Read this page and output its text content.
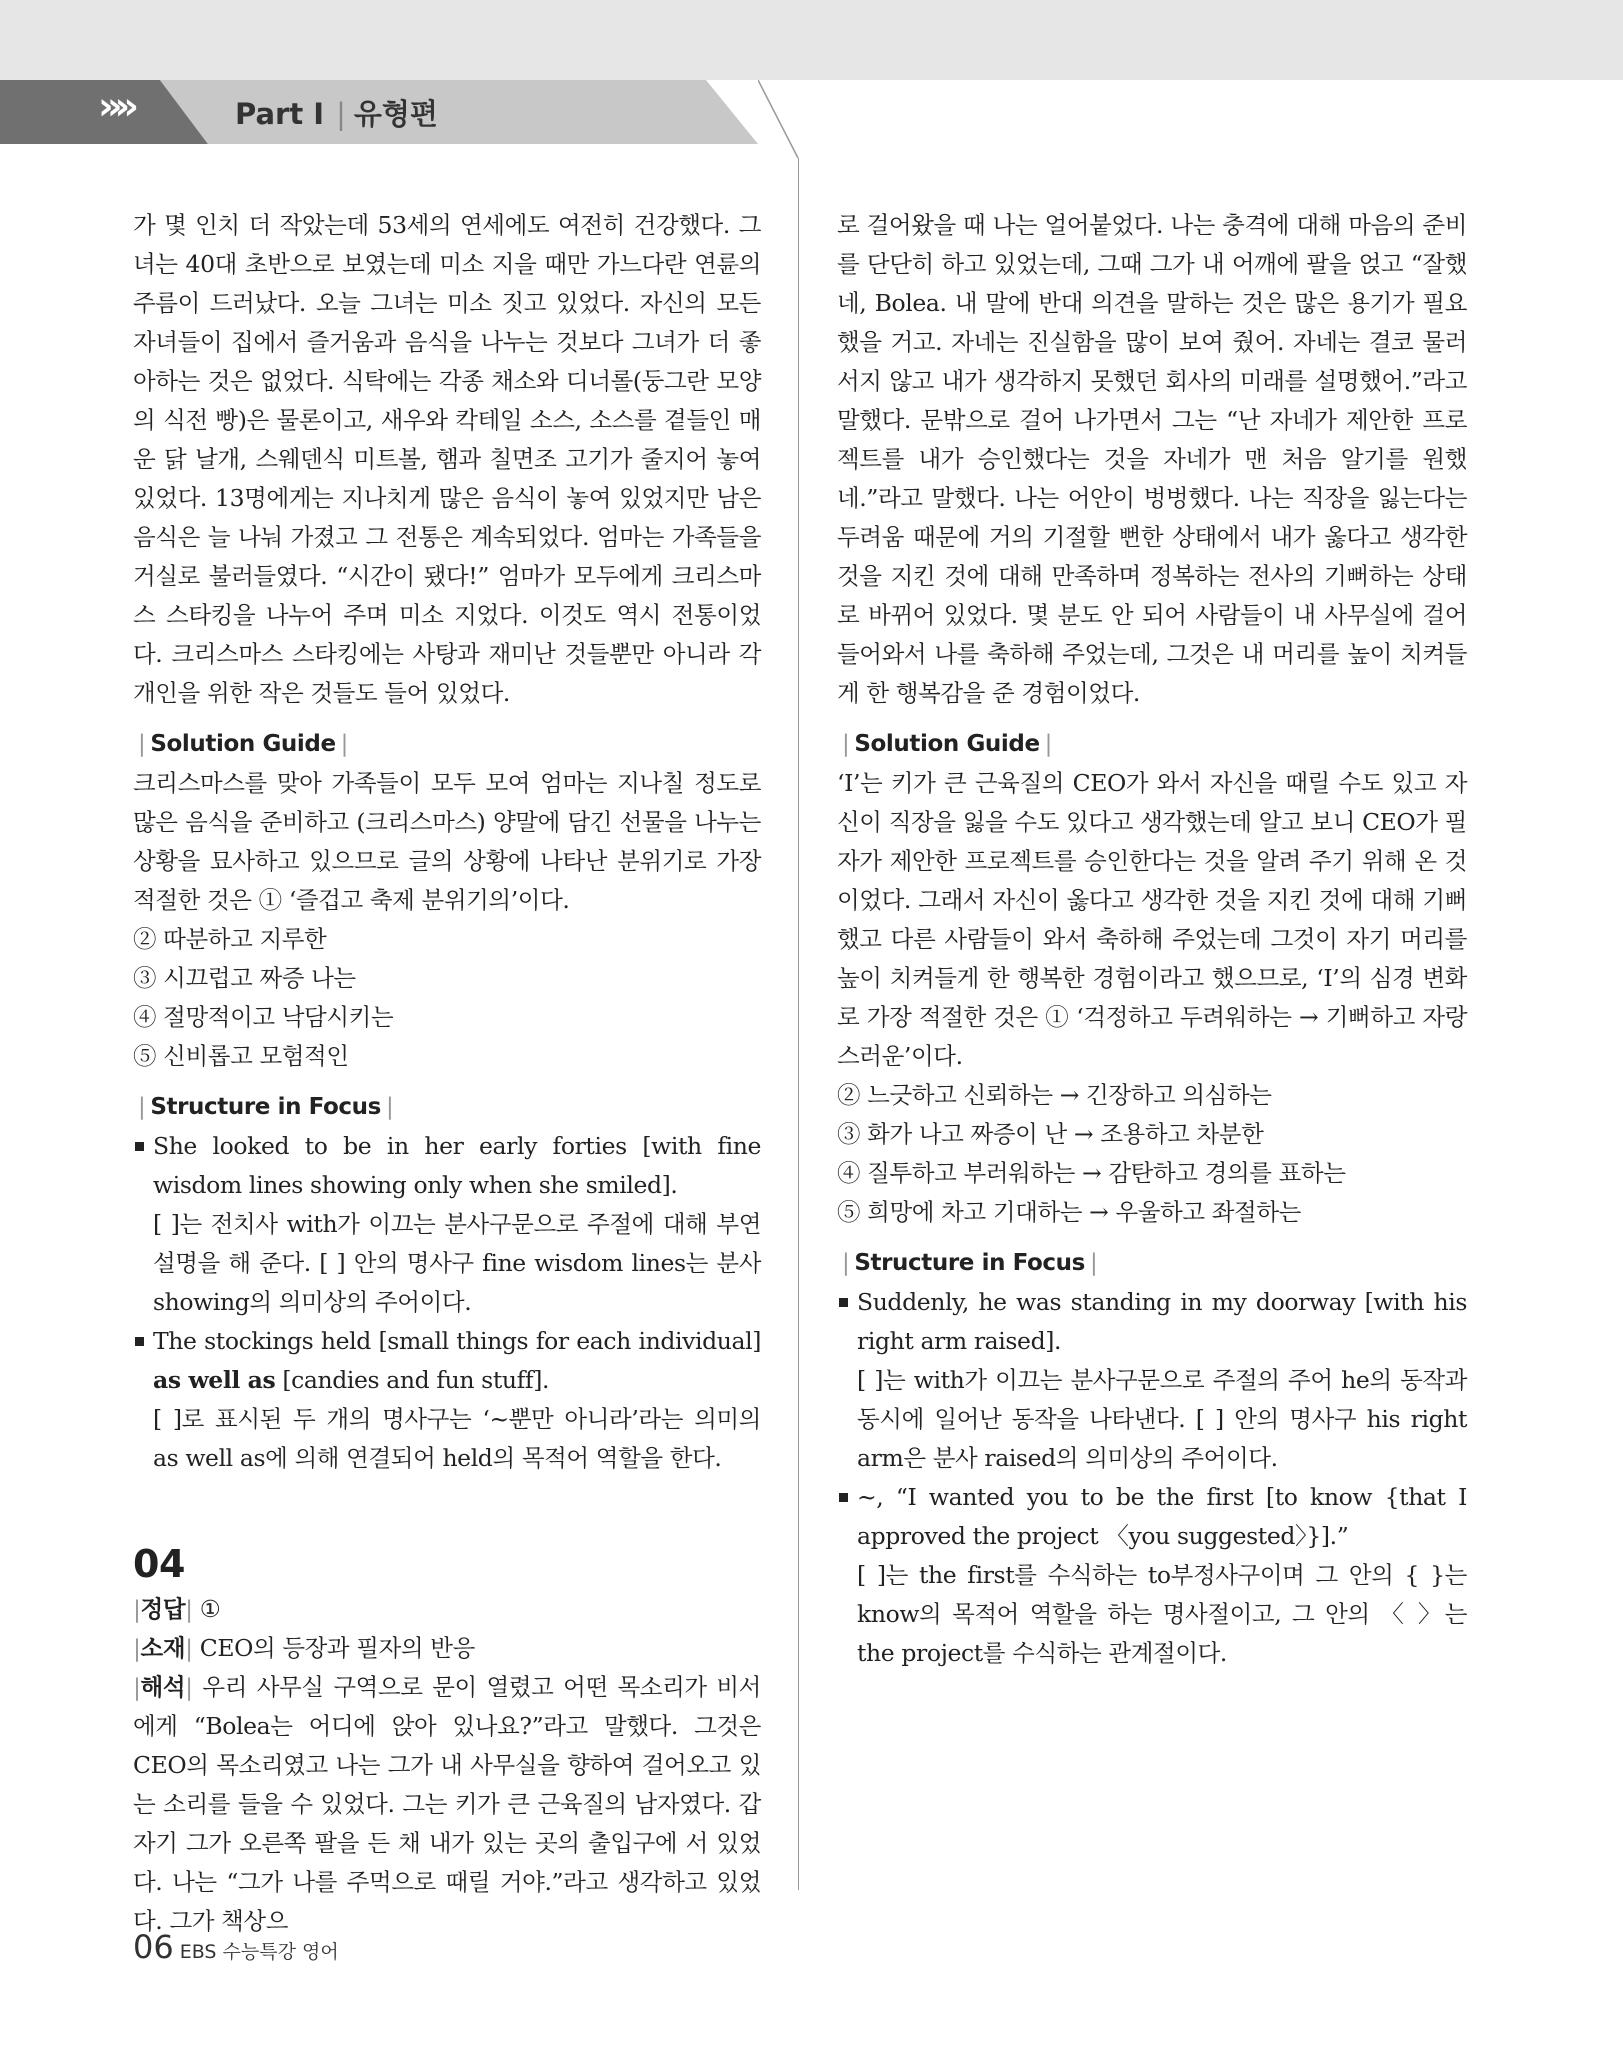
»»	Part Ⅰ | 유형편

가 몇 인치 더 작았는데 53세의 연세에도 여전히 건강했다. 그녀는 40대 초반으로 보였는데 미소 지을 때만 가느다란 연륜의 주름이 드러났다. 오늘 그녀는 미소 짓고 있었다. 자신의 모든 자녀들이 집에서 즐거움과 음식을 나누는 것보다 그녀가 더 좋아하는 것은 없었다. 식탁에는 각종 채소와 디너롤(둥그란 모양의 식전 빵)은 물론이고, 새우와 칵테일 소스, 소스를 곁들인 매운 닭 날개, 스웨덴식 미트볼, 햄과 칠면조 고기가 줄지어 놓여 있었다. 13명에게는 지나치게 많은 음식이 놓여 있었지만 남은 음식은 늘 나눠 가졌고 그 전통은 계속되었다. 엄마는 가족들을 거실로 불러들였다. “시간이 됐다!” 엄마가 모두에게 크리스마스 스타킹을 나누어 주며 미소 지었다. 이것도 역시 전통이었다. 크리스마스 스타킹에는 사탕과 재미난 것들뿐만 아니라 각 개인을 위한 작은 것들도 들어 있었다.

| Solution Guide |

크리스마스를 맞아 가족들이 모두 모여 엄마는 지나칠 정도로 많은 음식을 준비하고 (크리스마스) 양말에 담긴 선물을 나누는 상황을 묘사하고 있으므로 글의 상황에 나타난 분위기로 가장 적절한 것은 ① ‘즐겁고 축제 분위기의’이다.

② 따분하고 지루한

③ 시끄럽고 짜증 나는

④ 절망적이고 낙담시키는

⑤ 신비롭고 모험적인

| Structure in Focus |

She looked to be in her early forties [with fine wisdom lines showing only when she smiled].

[ ]는 전치사 with가 이끄는 분사구문으로 주절에 대해 부연 설명을 해 준다. [ ] 안의 명사구 fine wisdom lines는 분사 showing의 의미상의 주어이다.

The stockings held [small things for each individual] as well as [candies and fun stuff].

[ ]로 표시된 두 개의 명사구는 ‘~뿐만 아니라’라는 의미의 as well as에 의해 연결되어 held의 목적어 역할을 한다.

04

|정답| ①

|소재| CEO의 등장과 필자의 반응

|해석| 우리 사무실 구역으로 문이 열렸고 어떤 목소리가 비서에게 “Bolea는 어디에 앉아 있나요?”라고 말했다. 그것은 CEO의 목소리였고 나는 그가 내 사무실을 향하여 걸어오고 있는 소리를 들을 수 있었다. 그는 키가 큰 근육질의 남자였다. 갑자기 그가 오른쪽 팔을 든 채 내가 있는 곳의 출입구에 서 있었다. 나는 “그가 나를 주먹으로 때릴 거야.”라고 생각하고 있었다. 그가 책상으

로 걸어왔을 때 나는 얼어붙었다. 나는 충격에 대해 마음의 준비를 단단히 하고 있었는데, 그때 그가 내 어깨에 팔을 얹고 “잘했네, Bolea. 내 말에 반대 의견을 말하는 것은 많은 용기가 필요했을 거고. 자네는 진실함을 많이 보여 줬어. 자네는 결코 물러서지 않고 내가 생각하지 못했던 회사의 미래를 설명했어.”라고 말했다. 문밖으로 걸어 나가면서 그는 “난 자네가 제안한 프로젝트를 내가 승인했다는 것을 자네가 맨 처음 알기를 원했네.”라고 말했다. 나는 어안이 벙벙했다. 나는 직장을 잃는다는 두려움 때문에 거의 기절할 뻔한 상태에서 내가 옳다고 생각한 것을 지킨 것에 대해 만족하며 정복하는 전사의 기뻐하는 상태로 바뀌어 있었다. 몇 분도 안 되어 사람들이 내 사무실에 걸어 들어와서 나를 축하해 주었는데, 그것은 내 머리를 높이 치켜들게 한 행복감을 준 경험이었다.

| Solution Guide |

‘I’는 키가 큰 근육질의 CEO가 와서 자신을 때릴 수도 있고 자신이 직장을 잃을 수도 있다고 생각했는데 알고 보니 CEO가 필자가 제안한 프로젝트를 승인한다는 것을 알려 주기 위해 온 것이었다. 그래서 자신이 옳다고 생각한 것을 지킨 것에 대해 기뻐했고 다른 사람들이 와서 축하해 주었는데 그것이 자기 머리를 높이 치켜들게 한 행복한 경험이라고 했으므로, ‘I’의 심경 변화로 가장 적절한 것은 ① ‘걱정하고 두려워하는 → 기뻐하고 자랑스러운’이다.

② 느긋하고 신뢰하는 → 긴장하고 의심하는

③ 화가 나고 짜증이 난 → 조용하고 차분한

④ 질투하고 부러워하는 → 감탄하고 경의를 표하는

⑤ 희망에 차고 기대하는 → 우울하고 좌절하는

| Structure in Focus |

Suddenly, he was standing in my doorway [with his right arm raised].

[ ]는 with가 이끄는 분사구문으로 주절의 주어 he의 동작과 동시에 일어난 동작을 나타낸다. [ ] 안의 명사구 his right arm은 분사 raised의 의미상의 주어이다.

~, “I wanted you to be the first [to know {that I approved the project 〈you suggested〉}].”

[ ]는 the first를 수식하는 to부정사구이며 그 안의 { }는 know의 목적어 역할을 하는 명사절이고, 그 안의 〈 〉는 the project를 수식하는 관계절이다.

06 EBS 수능특강 영어
